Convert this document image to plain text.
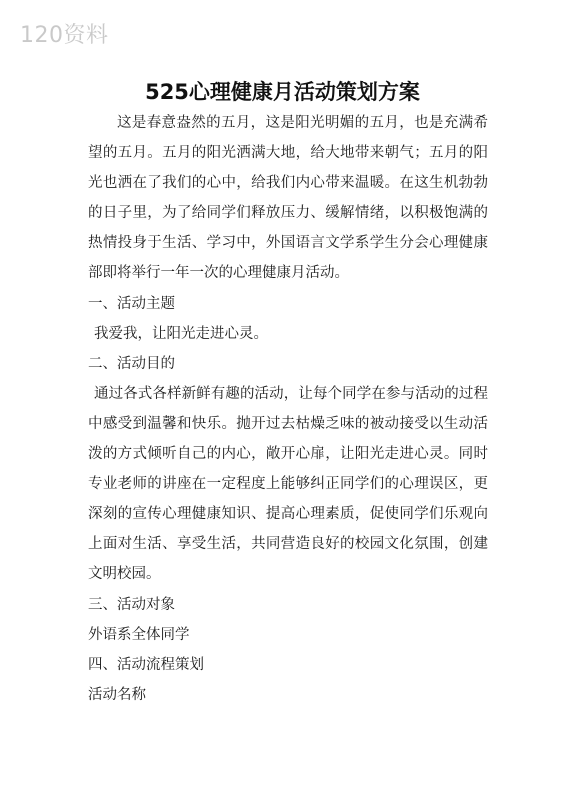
120资料
525心理健康月活动策划方案

这是春意盎然的五月，这是阳光明媚的五月，也是充满希望的五月。五月的阳光洒满大地，给大地带来朝气；五月的阳光也洒在了我们的心中，给我们内心带来温暖。在这生机勃勃的日子里，为了给同学们释放压力、缓解情绪，以积极饱满的热情投身于生活、学习中，外国语言文学系学生分会心理健康部即将举行一年一次的心理健康月活动。

一、活动主题

我爱我，让阳光走进心灵。

二、活动目的

通过各式各样新鲜有趣的活动，让每个同学在参与活动的过程中感受到温馨和快乐。抛开过去枯燥乏味的被动接受以生动活泼的方式倾听自己的内心，敞开心扉，让阳光走进心灵。同时专业老师的讲座在一定程度上能够纠正同学们的心理误区，更深刻的宣传心理健康知识、提高心理素质，促使同学们乐观向上面对生活、享受生活，共同营造良好的校园文化氛围，创建文明校园。

三、活动对象

外语系全体同学

四、活动流程策划

活动名称
